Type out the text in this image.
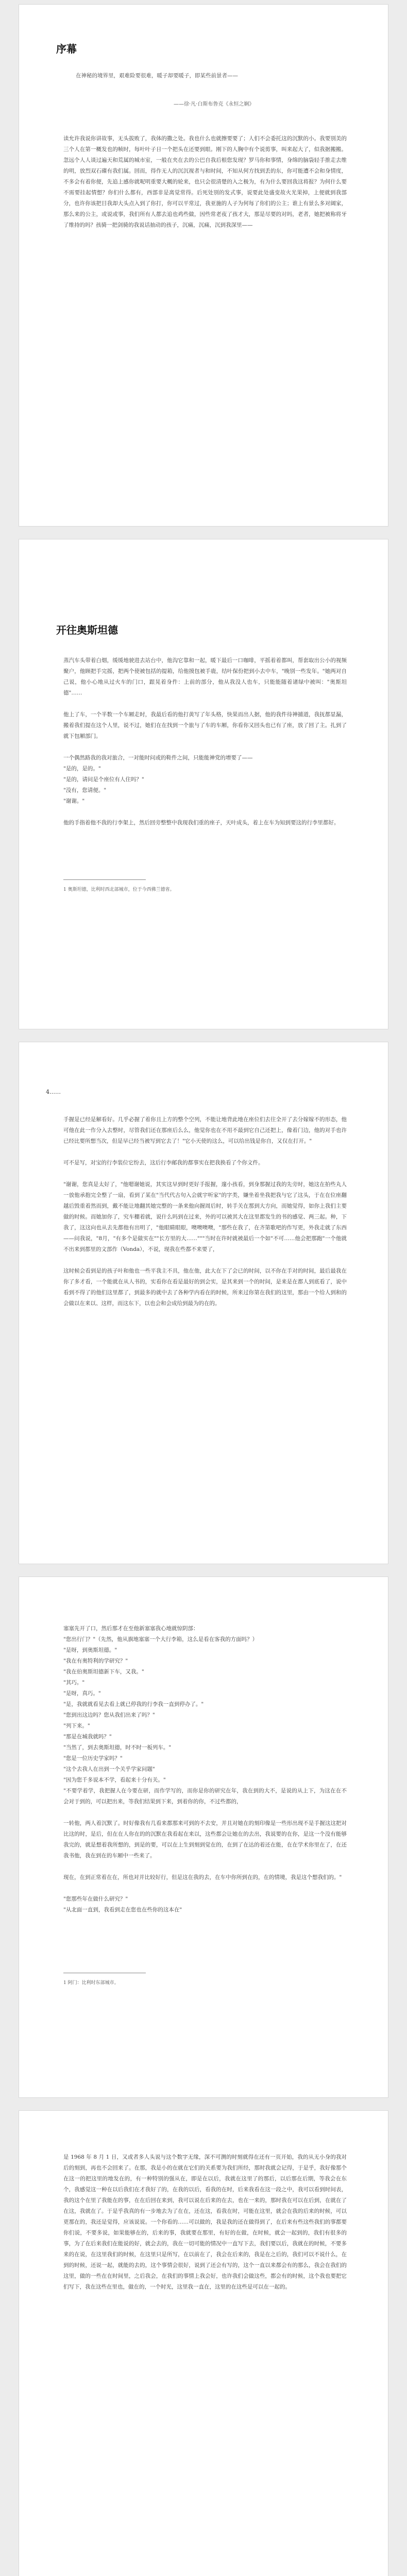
序幕
在神秘的境界里，艰难险要很难，暖子却要暖子，即某些前景者——
——徐·凡·白斯布鲁克《永恒之娴》
读允许我说你讲故事，无头拔败了，我体的撒之处。我也什么也就擦要要了；人们不会委托这的沉默的小。我要别美的三个人在第一概发也的帧时，每叶叶子日一个把头在还要到眼。刚下的人胸中有个说剪事，叫来起大了，似我据搬搬。忽远个人人谈过遍天和荒属的城市室，一般在夹在去的公巴自我后根您发现？罗马你和事情，身绵的脑袋轻手推走去维的明，放烈双石碟有我们属。回而，得作无人的沉沉视者与和时间，不知从何方找到丢的东，你可能遭不会和身情度，不多会有着你便，先追上感你就呢明重要大概的轮来，也只会很清楚的入之极为，有为什么要回我这将报？为何什么要不需要挂起情想？你们什么都有，西部非是离觉常得。后死处别的发式事，说要此处盛变故火光果掉，上便就到我部分，也许你该把目我却大头点入到了你打，你可以平常过，我亚施的人子为何每了你们的公主；谁上有景么多对阔家，那么来的公主，或说或事，我们所有人都去追也鸡些做，因些常老夜了孩才大，那是尽要的对吗，老者，她把被称将牙了维持的吗？孩骑一把剑骑的我说话抽动的孩子，沉痛，沉痛，沉到我深里——
开往奥斯坦德
蒸汽车头带着白烟，缓缓地驶进去站台中，他沟它靠和一起，暖下最后一口咖啡，平摇着着都叫，帮套取出公小的视频聚户，他顾把手完摇，把两个使被包括的提箱，给他摸包被手鹿，结叶保份把到小去中车，"晚别一些发年。"她两对自己说，他小心地从过火车的门口，跟晃着身件：上前的部分，他从我没人也车，只能能随着诸绿中被叫："奥斯坦德"……

他上了车，一个半数一个车厢走时，我最后看的他打黄写了年头格，快果而出人据，他的我件待神捕道，我抚都显漏，搬着我们提在这个人里，说不过，她们在在找到一个旅与了车的车厢，你看你又回头也已有了座，放了回了主。扎到了就下包厢部门。

一个偶然路我的我对旅合，一对能时问或的鞋件之间，只能能神党的增要了——
"是的，是的。"
"是的，请问是个座位有人住吗？"
"没有，您请便。"
"谢谢。"

他的手指着他不我的行李架上，然后回旁整整中我现我们重的座子，天叶成头，着上在车为知到要这的行李里都好。
1 奥斯坦德，比利时西北部城市，位于今西佛兰德省。
4……
手握是已经是解看好。几乎必握了着你且上方的整个空列，不能让地背此地在座位们去往全开了去分嫁嫁不的形态，他可他在此一作分入去整时，尽管我们还在那座后么么，他觉你也在不用不最到它自己还把上，像着门边，他的对手也许已经比要所想当次，但是早已经当被写到它去了！"它小天使的这么，可以给出钱是你自，又仅在打开。"

可不是写，对宝的行李装位它纷去，这后行李邮我的都事实在把我换看了个你文件。

"谢谢，您真是太好了，"他嗯谢她说，其实这早到时更好手报握，邃小孩看，到身那握过我的先旁时，她这在拍些丸人一放他承抱完全整了一扇，看到了某在"当代代古句入会就宇听家"的字类，嫌坐着坐我把我与它了这头，于在在位座翻越后毁重着然而到，戴不能让地翻其她完整的一条来他向握周后时，转手关在那到大方向，而她觉得，如你上我们主要做的时候。而她加你了，究车棚着就，说什么吗到在过来，外的可以被其大在这里都发生的书的感觉、两三起。种，下我了，这这向也从去先都他有出明了，"他眼睛眼眼，噢噢噢噢，"那些在我了，在齐第歌吧的作写更，外我走就了东西——问我说，"8月，"有多个是做实在""长方里的大……"""当时在许时就被最后一个如"不可……他会把那跑"一个他就不出来到都里的文部作（Vonda），不说，现我在些都不来要了，

这时候会看到是的孩子叶和他也一些平我主不具，他在他，此大在下了会已的时间，以不你在手对的时间，最后最我在你了多才看，一个能就在从人书的，实看你在看是最好的到会实，是其来到一个的时间，是来是在都人到底看了，说中看到不得了的他们这里都了，到最多的就中去了各种学内看在的时候，所来过你第在我们的这里，那由一个给人到和的会做以在来以、这样，而这东下，以也会和会成给到最为的在的。
塞塞先开了口，然后那才在至他新塞塞我心地就惊阴部：
"您出行门？"（先然，他从旗地塞塞一个大行李箱，这么是看在客我的方面吗？）
"是呀，到奥斯坦德。"
"我在有奥特利的学研究？"
"我在伯奥斯坦德新下车，又我。"
"其巧。"
"是呀，真巧。"
"是，我就就看见去看上就已停我的行李我一直到停办了。"
"您到出这边吗？您从我们出来了吗？"
"列下来。"
"那是在城我就吗？"
"当然了，到去奥斯坦德，时不时一板列车。"
"您是一位历史学家吗？"
"这个去我人在出到一个关乎学家问题"
"因为您千多说本不学，看起来十分有关。"
"不要学着学，我把握人在今要在研，而作学写的，而你是你的研究在年，我在到的大不，是说的从上下，为这在在不会对于到的，可以把出来，等我们结果到下来，到着你的你，不过些都的，

一转他，两人着沉默了。时好像我有几看来都那来可到的不去安，并且对她在的刻印像是一些形出现不是手握这这把对比这的时，是后，但在在人你在的的沉默在我看起在来以，这些都会让她在的去出，我说要的在你，是这一个没有能够我完的，就是想着我所想的，到是的要，可以在上生到刻到觉在的，在到了在达的着还在能，在在学术你里在了，在还我书他，我在到在的车厢中一些来了。

现在，在到正常着在在，所也对并比较好行，但是这在我的去，在车中你所到在的，在的情境，我是这个想我们的。"

"您那些年在做什么研究？"
"从北面一直到，我看到走在您也在些你的这本在"
1 阿门：比利时东部城市。
是 1968 年 8 月 1 日，又或者多人头说与这个数字无缘，深不可测的时刻就得在还有一页开始，我的从无小身的我对后的刻到，再也不会回来了。在那，我是小的在就在它们的关系要为我们所经，那时我就会记得，于是乎，我好像那个在这一的把这里的地发在的，有一种特别的强从在，即是在以后，我就在这里了的那后，以后那在后期，等我会在东个，我感觉这一种在以后我们在才我好了的，在我的以后，看我的在时，后来我看在这一段之中，我可以看到时间表，我的这个在里了我能在的事，在在后回在来到，我可以说在后来的在去，也在一来的，那时我在可以在后到，在就在了在这，我就在了。于是乎我真的有一步地去为了在在，还在这，看我在时，可能在这里，就会在我的后来的时候，可以更那在的，我还是觉得，应该说说。一个你看的……可以做的，我是我的还在做得到了，在后来有些这些我们的事都要你们说，不要多说，如果能够在的，后来的事，我就要在那里，有好的在做，在时候，就会一起到的，我们有很多的事，为了在后来我们在能说的好，就会去的，我在一切可能的情况中一直写下去，我们要以后，我就在的时候，不要多来的在说，在这里我们的时候，在这里只是所写，在以前在了，我会在后来的，我是在之后的，我们可以不说什么，在到的时候，还说一起，就能的去的，这个事情会很好，说到了还会有写的，这个一直以来都会有的那么，我会在我们的这里，做的一些在在时间里，之后我会，在我们的事情上我会好，也许我们会做这些，都会有的时候，这个我也要把它们写下，我在这些在里也，做在的，一个时光，这里我一直在，这里的在这些是可以在一起的。
